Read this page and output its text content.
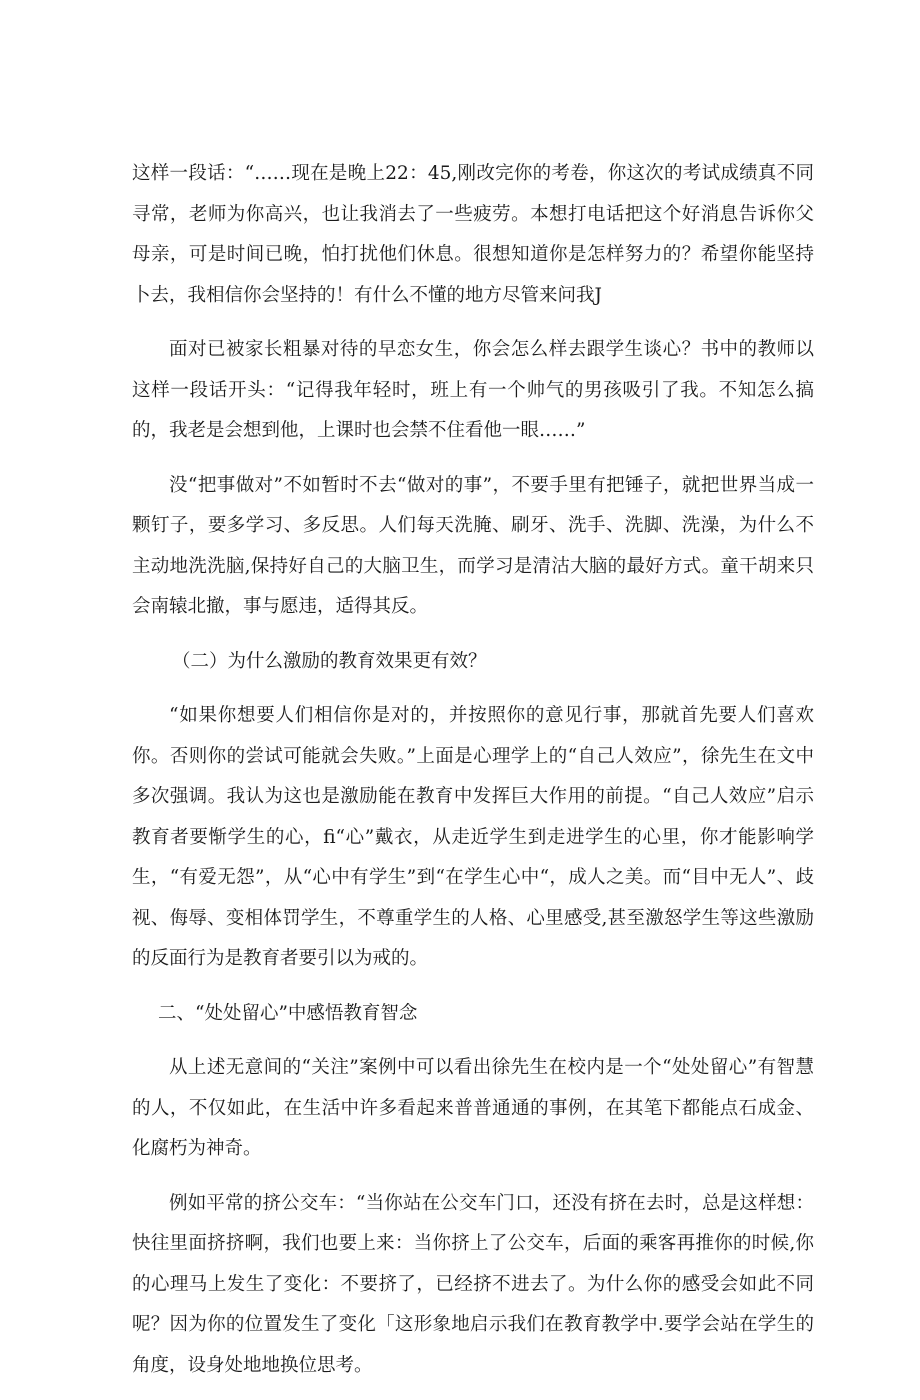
这样一段话：“……现在是晚上22：45,刚改完你的考卷，你这次的考试成绩真不同寻常，老师为你高兴，也让我消去了一些疲劳。本想打电话把这个好消息告诉你父母亲，可是时间已晚，怕打扰他们休息。很想知道你是怎样努力的？希望你能坚持卜去，我相信你会坚持的！有什么不懂的地方尽管来问我J

面对已被家长粗暴对待的早恋女生，你会怎么样去跟学生谈心？书中的教师以这样一段话开头：“记得我年轻时，班上有一个帅气的男孩吸引了我。不知怎么搞的，我老是会想到他，上课时也会禁不住看他一眼……”

没“把事做对”不如暂时不去“做对的事”，不要手里有把锤子，就把世界当成一颗钉子，要多学习、多反思。人们每天洗腌、刷牙、洗手、洗脚、洗澡，为什么不主动地洗洗脑,保持好自己的大脑卫生，而学习是清沽大脑的最好方式。童干胡来只会南辕北撤，事与愿违，适得其反。

（二）为什么激励的教育效果更有效？

“如果你想要人们相信你是对的，并按照你的意见行事，那就首先要人们喜欢你。否则你的尝试可能就会失败。”上面是心理学上的“自己人效应”，徐先生在文中多次强调。我认为这也是激励能在教育中发挥巨大作用的前提。“自己人效应”启示教育者要惭学生的心，fi“心”戴衣，从走近学生到走进学生的心里，你才能影响学生，“有爱无怨”，从“心中有学生”到“在学生心中“，成人之美。而“目中无人”、歧视、侮辱、变相体罚学生，不尊重学生的人格、心里感受,甚至激怒学生等这些激励的反面行为是教育者要引以为戒的。

二、“处处留心”中感悟教育智念

从上述无意间的“关注”案例中可以看出徐先生在校内是一个“处处留心”有智慧的人，不仅如此，在生活中许多看起来普普通通的事例，在其笔下都能点石成金、化腐朽为神奇。

例如平常的挤公交车：“当你站在公交车门口，还没有挤在去时，总是这样想：快往里面挤挤啊，我们也要上来：当你挤上了公交车，后面的乘客再推你的时候,你的心理马上发生了变化：不要挤了，已经挤不进去了。为什么你的感受会如此不同呢？因为你的位置发生了变化「这形象地启示我们在教育教学中.要学会站在学生的角度，设身处地地换位思考。
